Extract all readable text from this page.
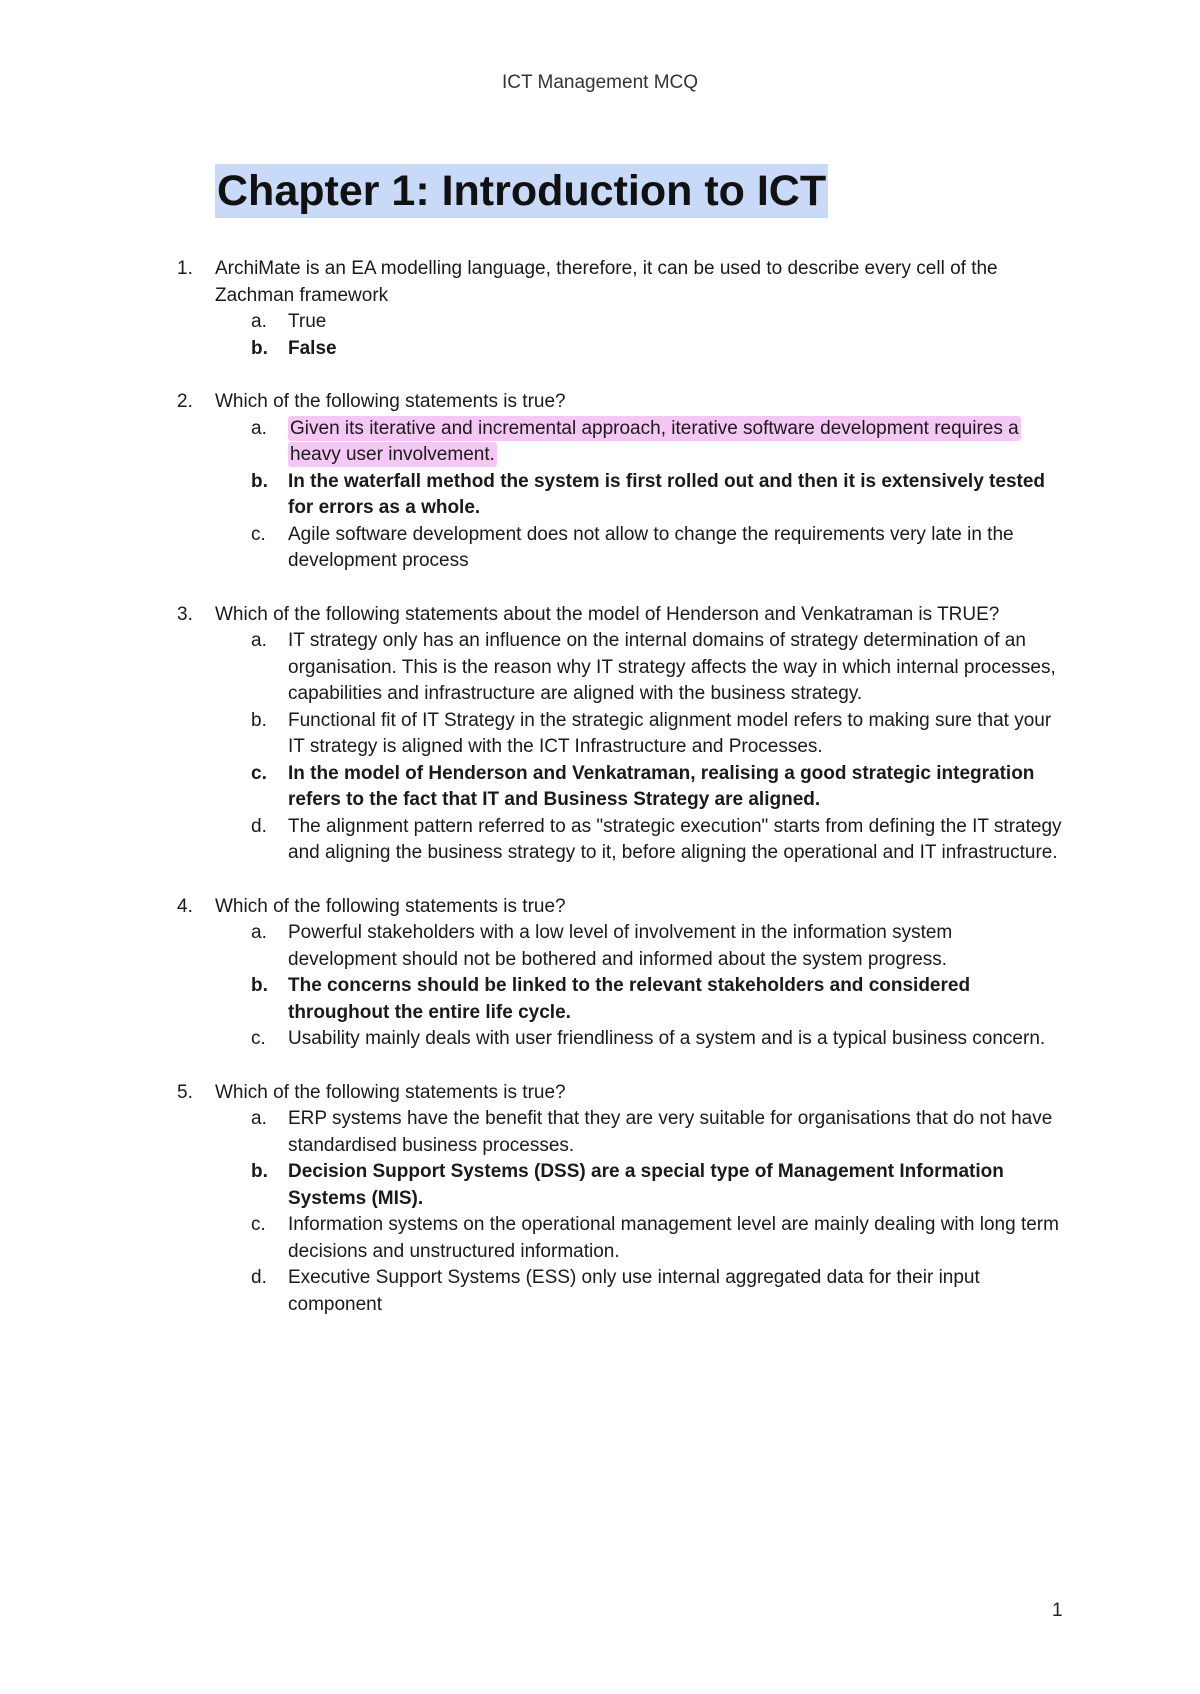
ICT Management MCQ
Chapter 1: Introduction to ICT
1.	ArchiMate is an EA modelling language, therefore, it can be used to describe every cell of the Zachman framework
a. True
b. False
2.	Which of the following statements is true?
a. Given its iterative and incremental approach, iterative software development requires a heavy user involvement.
b. In the waterfall method the system is first rolled out and then it is extensively tested for errors as a whole.
c. Agile software development does not allow to change the requirements very late in the development process
3.	Which of the following statements about the model of Henderson and Venkatraman is TRUE?
a. IT strategy only has an influence on the internal domains of strategy determination of an organisation. This is the reason why IT strategy affects the way in which internal processes, capabilities and infrastructure are aligned with the business strategy.
b. Functional fit of IT Strategy in the strategic alignment model refers to making sure that your IT strategy is aligned with the ICT Infrastructure and Processes.
c. In the model of Henderson and Venkatraman, realising a good strategic integration refers to the fact that IT and Business Strategy are aligned.
d. The alignment pattern referred to as "strategic execution" starts from defining the IT strategy and aligning the business strategy to it, before aligning the operational and IT infrastructure.
4.	Which of the following statements is true?
a. Powerful stakeholders with a low level of involvement in the information system development should not be bothered and informed about the system progress.
b. The concerns should be linked to the relevant stakeholders and considered throughout the entire life cycle.
c. Usability mainly deals with user friendliness of a system and is a typical business concern.
5.	Which of the following statements is true?
a. ERP systems have the benefit that they are very suitable for organisations that do not have standardised business processes.
b. Decision Support Systems (DSS) are a special type of Management Information Systems (MIS).
c. Information systems on the operational management level are mainly dealing with long term decisions and unstructured information.
d. Executive Support Systems (ESS) only use internal aggregated data for their input component
1
